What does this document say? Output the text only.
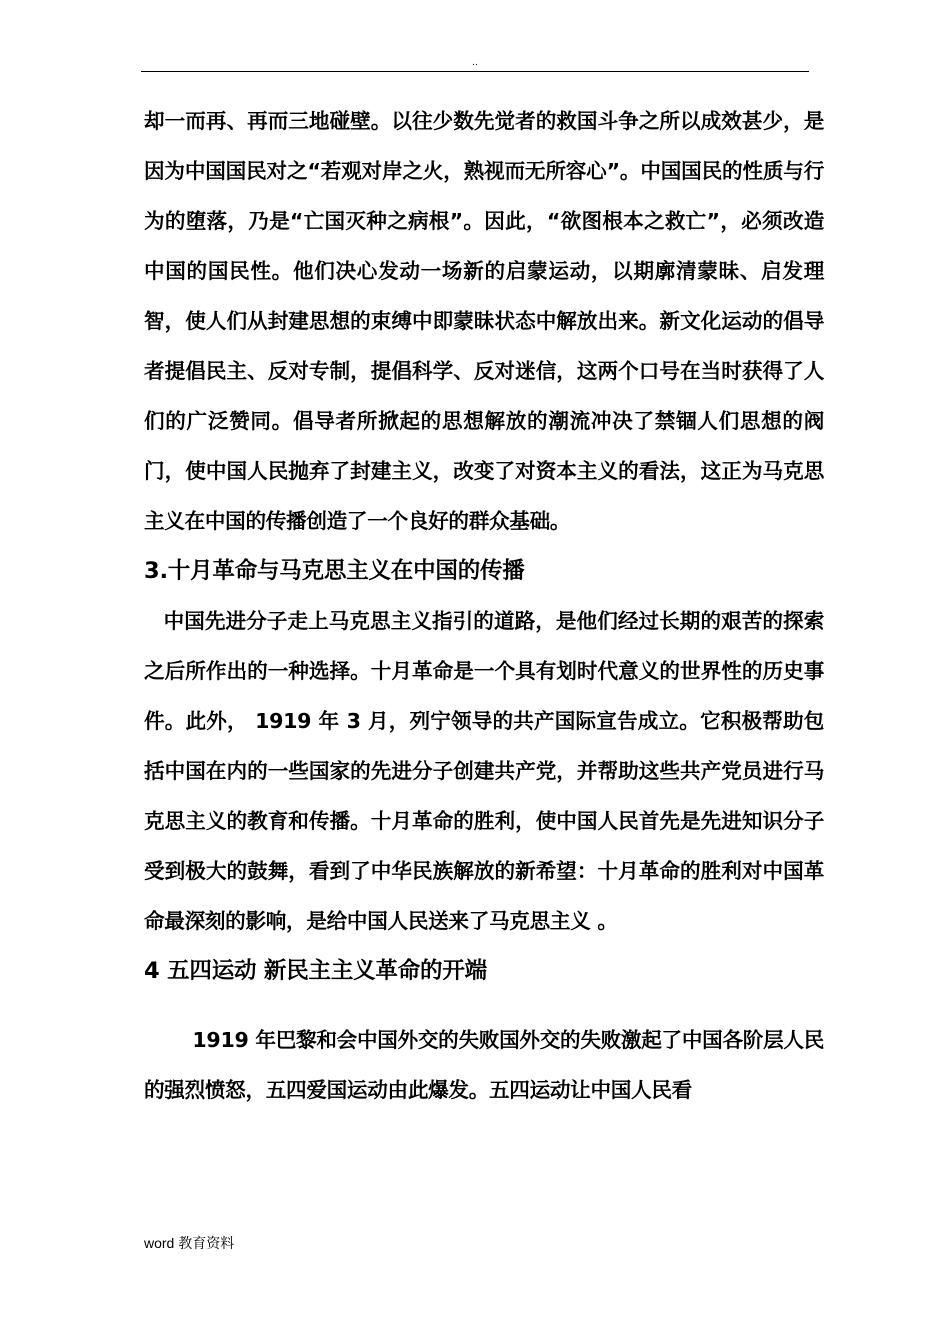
..

却一而再、再而三地碰壁。以往少数先觉者的救国斗争之所以成效甚少，是因为中国国民对之“若观对岸之火，熟视而无所容心”。中国国民的性质与行为的堕落，乃是“亡国灭种之病根”。因此，“欲图根本之救亡”，必须改造中国的国民性。他们决心发动一场新的启蒙运动，以期廓清蒙昧、启发理智，使人们从封建思想的束缚中即蒙昧状态中解放出来。新文化运动的倡导者提倡民主、反对专制，提倡科学、反对迷信，这两个口号在当时获得了人们的广泛赞同。倡导者所掀起的思想解放的潮流冲决了禁锢人们思想的阀门，使中国人民抛弃了封建主义，改变了对资本主义的看法，这正为马克思主义在中国的传播创造了一个良好的群众基础。

3.十月革命与马克思主义在中国的传播

中国先进分子走上马克思主义指引的道路，是他们经过长期的艰苦的探索之后所作出的一种选择。十月革命是一个具有划时代意义的世界性的历史事件。此外， 1919 年 3 月，列宁领导的共产国际宣告成立。它积极帮助包括中国在内的一些国家的先进分子创建共产党，并帮助这些共产党员进行马克思主义的教育和传播。十月革命的胜利，使中国人民首先是先进知识分子受到极大的鼓舞，看到了中华民族解放的新希望：十月革命的胜利对中国革命最深刻的影响，是给中国人民送来了马克思主义 。

4 五四运动 新民主主义革命的开端

1919 年巴黎和会中国外交的失败国外交的失败激起了中国各阶层人民的强烈愤怒，五四爱国运动由此爆发。五四运动让中国人民看

word 教育资料
